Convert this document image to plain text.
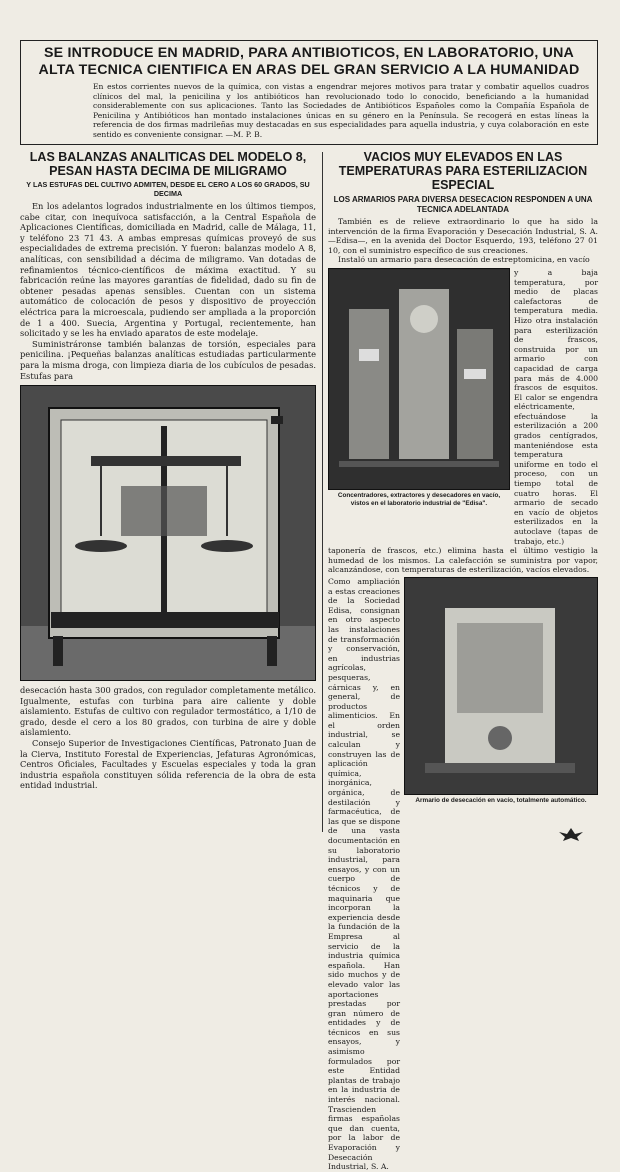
SE INTRODUCE EN MADRID, PARA ANTIBIOTICOS, EN LABORATORIO, UNA ALTA TECNICA CIENTIFICA EN ARAS DEL GRAN SERVICIO A LA HUMANIDAD

En estos corrientes nuevos de la química, con vistas a engendrar mejores motivos para tratar y combatir aquellos cuadros clínicos del mal, la penicilina y los antibióticos han revolucionado todo lo conocido, beneficiando a la humanidad considerablemente con sus aplicaciones. Tanto las Sociedades de Antibióticos Españoles como la Compañía Española de Penicilina y Antibióticos han montado instalaciones únicas en su género en la Península. Se recogerá en estas líneas la referencia de dos firmas madrileñas muy destacadas en sus especialidades para aquella industria, y cuya colaboración en este sentido es conveniente consignar. —M. P. B.

LAS BALANZAS ANALITICAS DEL MODELO 8, PESAN HASTA DECIMA DE MILIGRAMO
Y LAS ESTUFAS DEL CULTIVO ADMITEN, DESDE EL CERO A LOS 60 GRADOS, SU DECIMA

En los adelantos logrados industrialmente en los últimos tiempos, cabe citar, con inequívoca satisfacción, a la Central Española de Aplicaciones Científicas, domiciliada en Madrid, calle de Málaga, 11, y teléfono 23 71 43. A ambas empresas químicas proveyó de sus especialidades de extrema precisión. Y fueron: balanzas modelo A 8, analíticas, con sensibilidad a décima de miligramo. Van dotadas de refinamientos técnico-científicos de máxima exactitud. Y su fabricación reúne las mayores garantías de fidelidad, dado su fin de obtener pesadas apenas sensibles. Cuentan con un sistema automático de colocación de pesos y dispositivo de proyección eléctrica para la microescala, pudiendo ser ampliada a la proporción de 1 a 400. Suecia, Argentina y Portugal, recientemente, han solicitado y se les ha enviado aparatos de este modelaje.

Suministráronse también balanzas de torsión, especiales para penicilina. ¡Pequeñas balanzas analíticas estudiadas particularmente para la misma droga, con limpieza diaria de los cubículos de pesadas. Estufas para

desecación hasta 300 grados, con regulador completamente metálico. Igualmente, estufas con turbina para aire caliente y doble aislamiento. Estufas de cultivo con regulador termostático, a 1/10 de grado, desde el cero a los 80 grados, con turbina de aire y doble aislamiento.

Consejo Superior de Investigaciones Científicas, Patronato Juan de la Cierva, Instituto Forestal de Experiencias, Jefaturas Agronómicas, Centros Oficiales, Facultades y Escuelas especiales y toda la gran industria española constituyen sólida referencia de la obra de esta entidad industrial.

VACIOS MUY ELEVADOS EN LAS TEMPERATURAS PARA ESTERILIZACION ESPECIAL
LOS ARMARIOS PARA DIVERSA DESECACION RESPONDEN A UNA TECNICA ADELANTADA

También es de relieve extraordinario lo que ha sido la intervención de la firma Evaporación y Desecación Industrial, S. A.—Edisa—, en la avenida del Doctor Esquerdo, 193, teléfono 27 01 10, con el suministro específico de sus creaciones.

Instaló un armario para desecación de estreptomicina, en vacío

Concentradores, extractores y desecadores en vacío, vistos en el laboratorio industrial de "Edisa".

y a baja temperatura, por medio de placas calefactoras de temperatura media. Hizo otra instalación para esterilización de frascos, construida por un armario con capacidad de carga para más de 4.000 frascos de esquitos. El calor se engendra eléctricamente, efectuándose la esterilización a 200 grados centígrados, manteniéndose esta temperatura uniforme en todo el proceso, con un tiempo total de cuatro horas. El armario de secado en vacío de objetos esterilizados en la autoclave (tapas de trabajo, etc.)

taponería de frascos, etc.) elimina hasta el último vestigio la humedad de los mismos. La calefacción se suministra por vapor, alcanzándose, con temperaturas de esterilización, vacíos elevados.

Como ampliación a estas creaciones de la Sociedad Edisa, consignan en otro aspecto las instalaciones de transformación y conservación, en industrias agrícolas, pesqueras, cárnicas y, en general, de productos alimenticios. En el orden industrial, se calculan y construyen las de aplicación química, inorgánica, orgánica, de destilación y farmacéutica, de las que se dispone de una vasta documentación en su laboratorio industrial, para ensayos, y con un cuerpo de técnicos y de maquinaria que incorporan la experiencia desde la fundación de la Empresa al servicio de la industria química española. Han sido muchos y de elevado valor las aportaciones prestadas por gran número de entidades y de técnicos en sus ensayos, y asimismo formulados por este Entidad plantas de trabajo en la industria de interés nacional. Trascienden firmas españolas que dan cuenta, por la labor de Evaporación y Desecación Industrial, S. A.

Armario de desecación en vacío, totalmente automático.
